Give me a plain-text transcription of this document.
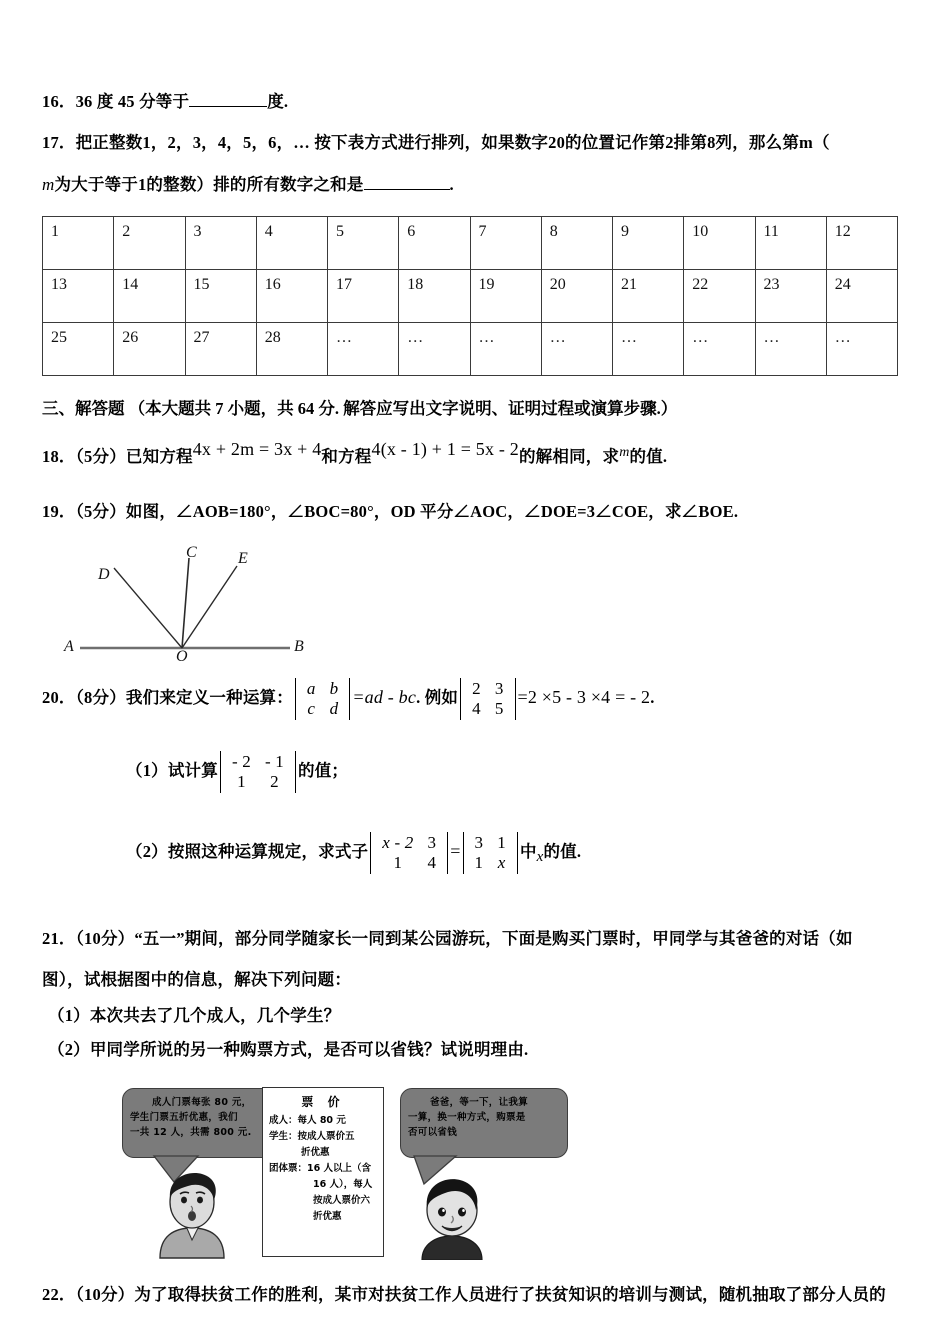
16．36 度 45 分等于	度.
17．把正整数1，2，3，4，5，6，… 按下表方式进行排列，如果数字20的位置记作第2排第8列，那么第m（
m为大于等于1的整数）排的所有数字之和是	.
1	2	3	4	5	6	7	8	9	10	11	12
13	14	15	16	17	18	19	20	21	22	23	24
25	26	27	28	…	…	…	…	…	…	…	…
三、解答题 （本大题共 7 小题，共 64 分. 解答应写出文字说明、证明过程或演算步骤.）
18．（5分）已知方程4x + 2m = 3x + 4和方程4(x - 1) + 1 = 5x - 2的解相同，求$^m$的值.
19．（5分）如图，∠AOB=180°，∠BOC=80°，OD 平分∠AOC，∠DOE=3∠COE，求∠BOE.
D
C	E
A
O
B
20．（8分）我们来定义一种运算： a	b
c	d
=ad - bc. 例如 2	3
4	5
=2 ×5 - 3 ×4 = - 2.
（1）试计算 - 2	- 1
1	2
的值；
（2）按照这种运算规定，求式子 x - 2	3
1	4
= 3	1
1	x
中x的值.
21．（10分）“五一”期间，部分同学随家长一同到某公园游玩，下面是购买门票时，甲同学与其爸爸的对话（如
图），试根据图中的信息，解决下列问题：
（1）本次共去了几个成人，几个学生？
（2）甲同学所说的另一种购票方式，是否可以省钱？试说明理由.
成人门票每张 80 元，
学生门票五折优惠，我们
一共 12 人，共需 800 元.
票 价
成人：每人 80 元
学生：按成人票价五
折优惠
团体票：16 人以上（含
16 人），每人
按成人票价六
折优惠
爸爸，等一下，让我算
一算，换一种方式，购票是
否可以省钱
22．（10分）为了取得扶贫工作的胜利，某市对扶贫工作人员进行了扶贫知识的培训与测试，随机抽取了部分人员的
